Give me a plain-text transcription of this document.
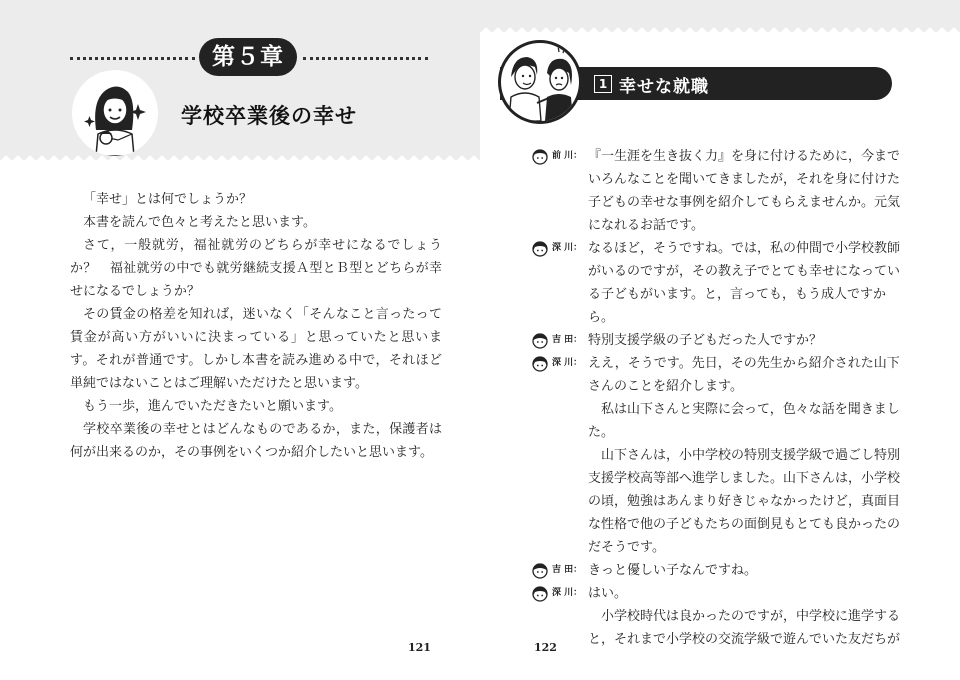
第５章
学校卒業後の幸せ

「幸せ」とは何でしょうか？

本書を読んで色々と考えたと思います。

さて，一般就労，福祉就労のどちらが幸せになるでしょうか？　福祉就労の中でも就労継続支援Ａ型とＢ型とどちらが幸せになるでしょうか？

その賃金の格差を知れば，迷いなく「そんなこと言ったって賃金が高い方がいいに決まっている」と思っていたと思います。それが普通です。しかし本書を読み進める中で，それほど単純ではないことはご理解いただけたと思います。

もう一歩，進んでいただきたいと願います。

学校卒業後の幸せとはどんなものであるか，また，保護者は何が出来るのか，その事例をいくつか紹介したいと思います。

121
1 幸せな就職
前 川： 『一生涯を生き抜く力』を身に付けるために，今までいろんなことを聞いてきましたが，それを身に付けた子どもの幸せな事例を紹介してもらえませんか。元気になれるお話です。

深 川： なるほど，そうですね。では，私の仲間で小学校教師がいるのですが，その教え子でとても幸せになっている子どもがいます。と，言っても，もう成人ですから。

吉 田： 特別支援学級の子どもだった人ですか？

深 川： ええ，そうです。先日，その先生から紹介された山下さんのことを紹介します。

私は山下さんと実際に会って，色々な話を聞きました。

山下さんは，小中学校の特別支援学級で過ごし特別支援学校高等部へ進学しました。山下さんは，小学校の頃，勉強はあんまり好きじゃなかったけど，真面目な性格で他の子どもたちの面倒見もとても良かったのだそうです。

吉 田： きっと優しい子なんですね。

深 川： はい。

小学校時代は良かったのですが，中学校に進学すると，それまで小学校の交流学級で遊んでいた友だちが

122
